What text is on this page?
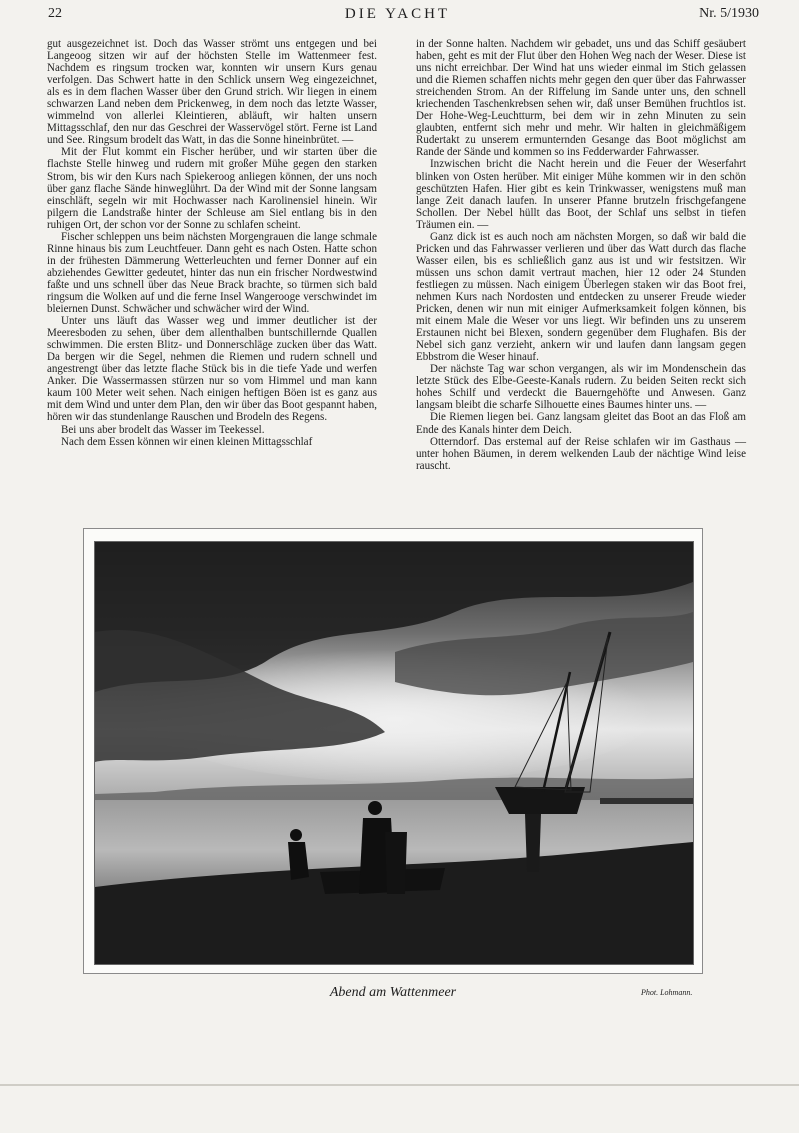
22	DIE YACHT	Nr. 5/1930

gut ausgezeichnet ist. Doch das Wasser strömt uns entgegen und bei Langeoog sitzen wir auf der höchsten Stelle im Wattenmeer fest. Nachdem es ringsum trocken war, konnten wir unsern Kurs genau verfolgen. Das Schwert hatte in den Schlick unsern Weg eingezeichnet, als es in dem flachen Wasser über den Grund strich. Wir liegen in einem schwarzen Land neben dem Prickenweg, in dem noch das letzte Wasser, wimmelnd von allerlei Kleintieren, abläuft, wir halten unsern Mittagsschlaf, den nur das Geschrei der Wasservögel stört. Ferne ist Land und See. Ringsum brodelt das Watt, in das die Sonne hineinbrütet. —

Mit der Flut kommt ein Fischer herüber, und wir starten über die flachste Stelle hinweg und rudern mit großer Mühe gegen den starken Strom, bis wir den Kurs nach Spiekeroog anliegen können, der uns noch über ganz flache Sände hinweglührt. Da der Wind mit der Sonne langsam einschläft, segeln wir mit Hochwasser nach Karolinensiel hinein. Wir pilgern die Landstraße hinter der Schleuse am Siel entlang bis in den ruhigen Ort, der schon vor der Sonne zu schlafen scheint.

Fischer schleppen uns beim nächsten Morgengrauen die lange schmale Rinne hinaus bis zum Leuchtfeuer. Dann geht es nach Osten. Hatte schon in der frühesten Dämmerung Wetterleuchten und ferner Donner auf ein abziehendes Gewitter gedeutet, hinter das nun ein frischer Nordwestwind faßte und uns schnell über das Neue Brack brachte, so türmen sich bald ringsum die Wolken auf und die ferne Insel Wangerooge verschwindet im bleiernen Dunst. Schwächer und schwächer wird der Wind.

Unter uns läuft das Wasser weg und immer deutlicher ist der Meeresboden zu sehen, über dem allenthalben buntschillernde Quallen schwimmen. Die ersten Blitz- und Donnerschläge zucken über das Watt. Da bergen wir die Segel, nehmen die Riemen und rudern schnell und angestrengt über das letzte flache Stück bis in die tiefe Yade und werfen Anker. Die Wassermassen stürzen nur so vom Himmel und man kann kaum 100 Meter weit sehen. Nach einigen heftigen Böen ist es ganz aus mit dem Wind und unter dem Plan, den wir über das Boot gespannt haben, hören wir das stundenlange Rauschen und Brodeln des Regens.

Bei uns aber brodelt das Wasser im Teekessel.

Nach dem Essen können wir einen kleinen Mittagsschlaf

in der Sonne halten. Nachdem wir gebadet, uns und das Schiff gesäubert haben, geht es mit der Flut über den Hohen Weg nach der Weser. Diese ist uns nicht erreichbar. Der Wind hat uns wieder einmal im Stich gelassen und die Riemen schaffen nichts mehr gegen den quer über das Fahrwasser streichenden Strom. An der Riffelung im Sande unter uns, den schnell kriechenden Taschenkrebsen sehen wir, daß unser Bemühen fruchtlos ist. Der Hohe-Weg-Leuchtturm, bei dem wir in zehn Minuten zu sein glaubten, entfernt sich mehr und mehr. Wir halten in gleichmäßigem Rudertakt zu unserem ermunternden Gesange das Boot möglichst am Rande der Sände und kommen so ins Fedderwarder Fahrwasser.

Inzwischen bricht die Nacht herein und die Feuer der Weserfahrt blinken von Osten herüber. Mit einiger Mühe kommen wir in den schön geschützten Hafen. Hier gibt es kein Trinkwasser, wenigstens muß man lange Zeit danach laufen. In unserer Pfanne brutzeln frischgefangene Schollen. Der Nebel hüllt das Boot, der Schlaf uns selbst in tiefen Träumen ein. —

Ganz dick ist es auch noch am nächsten Morgen, so daß wir bald die Pricken und das Fahrwasser verlieren und über das Watt durch das flache Wasser eilen, bis es schließlich ganz aus ist und wir festsitzen. Wir müssen uns schon damit vertraut machen, hier 12 oder 24 Stunden festliegen zu müssen. Nach einigem Überlegen staken wir das Boot frei, nehmen Kurs nach Nordosten und entdecken zu unserer Freude wieder Pricken, denen wir nun mit einiger Aufmerksamkeit folgen können, bis mit einem Male die Weser vor uns liegt. Wir befinden uns zu unserem Erstaunen nicht bei Blexen, sondern gegenüber dem Flughafen. Bis der Nebel sich ganz verzieht, ankern wir und laufen dann langsam gegen Ebbstrom die Weser hinauf.

Der nächste Tag war schon vergangen, als wir im Mondenschein das letzte Stück des Elbe-Geeste-Kanals rudern. Zu beiden Seiten reckt sich hohes Schilf und verdeckt die Bauerngehöfte und Anwesen. Ganz langsam bleibt die scharfe Silhouette eines Baumes hinter uns. —

Die Riemen liegen bei. Ganz langsam gleitet das Boot an das Floß am Ende des Kanals hinter dem Deich.

Otterndorf. Das erstemal auf der Reise schlafen wir im Gasthaus — unter hohen Bäumen, in derem welkenden Laub der nächtige Wind leise rauscht.

Abend am Wattenmeer	Phot. Lohmann.
